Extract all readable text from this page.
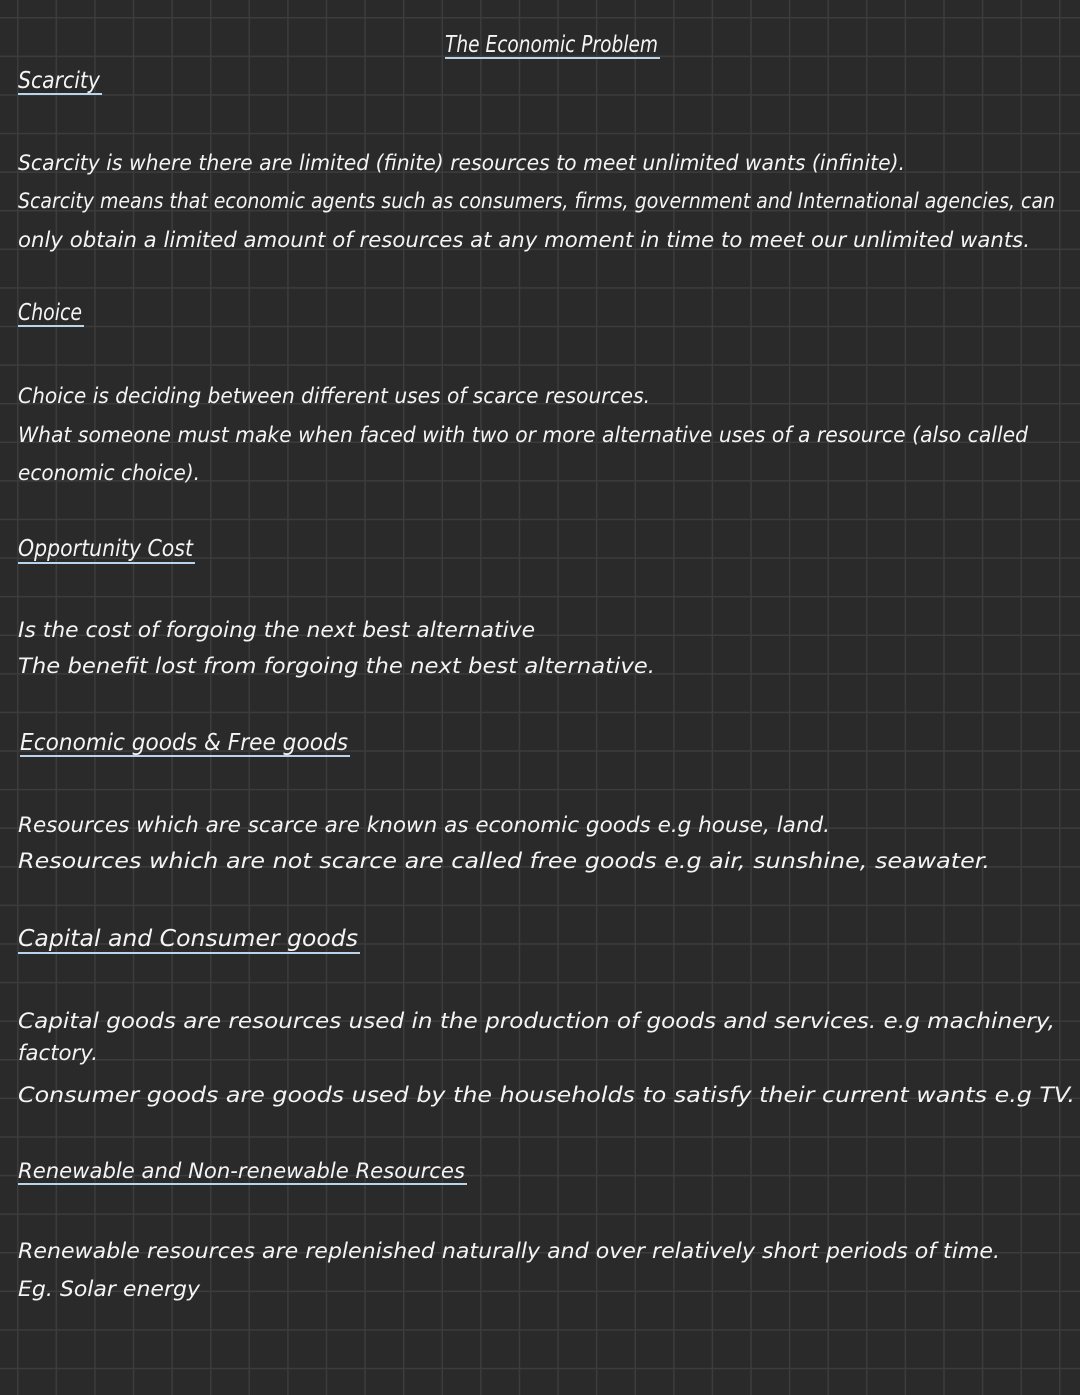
The Economic Problem
Scarcity
Scarcity is where there are limited (finite) resources to meet unlimited wants (infinite).
Scarcity means that economic agents such as consumers, firms, government and International agencies, can
only obtain a limited amount of resources at any moment in time to meet our unlimited wants.
Choice
Choice is deciding between different uses of scarce resources.
What someone must make when faced with two or more alternative uses of a resource (also called
economic choice).
Opportunity Cost
Is the cost of forgoing the next best alternative
The benefit lost from forgoing the next best alternative.
Economic goods & Free goods
Resources which are scarce are known as economic goods e.g house, land.
Resources which are not scarce are called free goods e.g air, sunshine, seawater.
Capital and Consumer goods
Capital goods are resources used in the production of goods and services. e.g machinery,
factory.
Consumer goods are goods used by the households to satisfy their current wants e.g TV.
Renewable and Non-renewable Resources
Renewable resources are replenished naturally and over relatively short periods of time.
Eg. Solar energy
